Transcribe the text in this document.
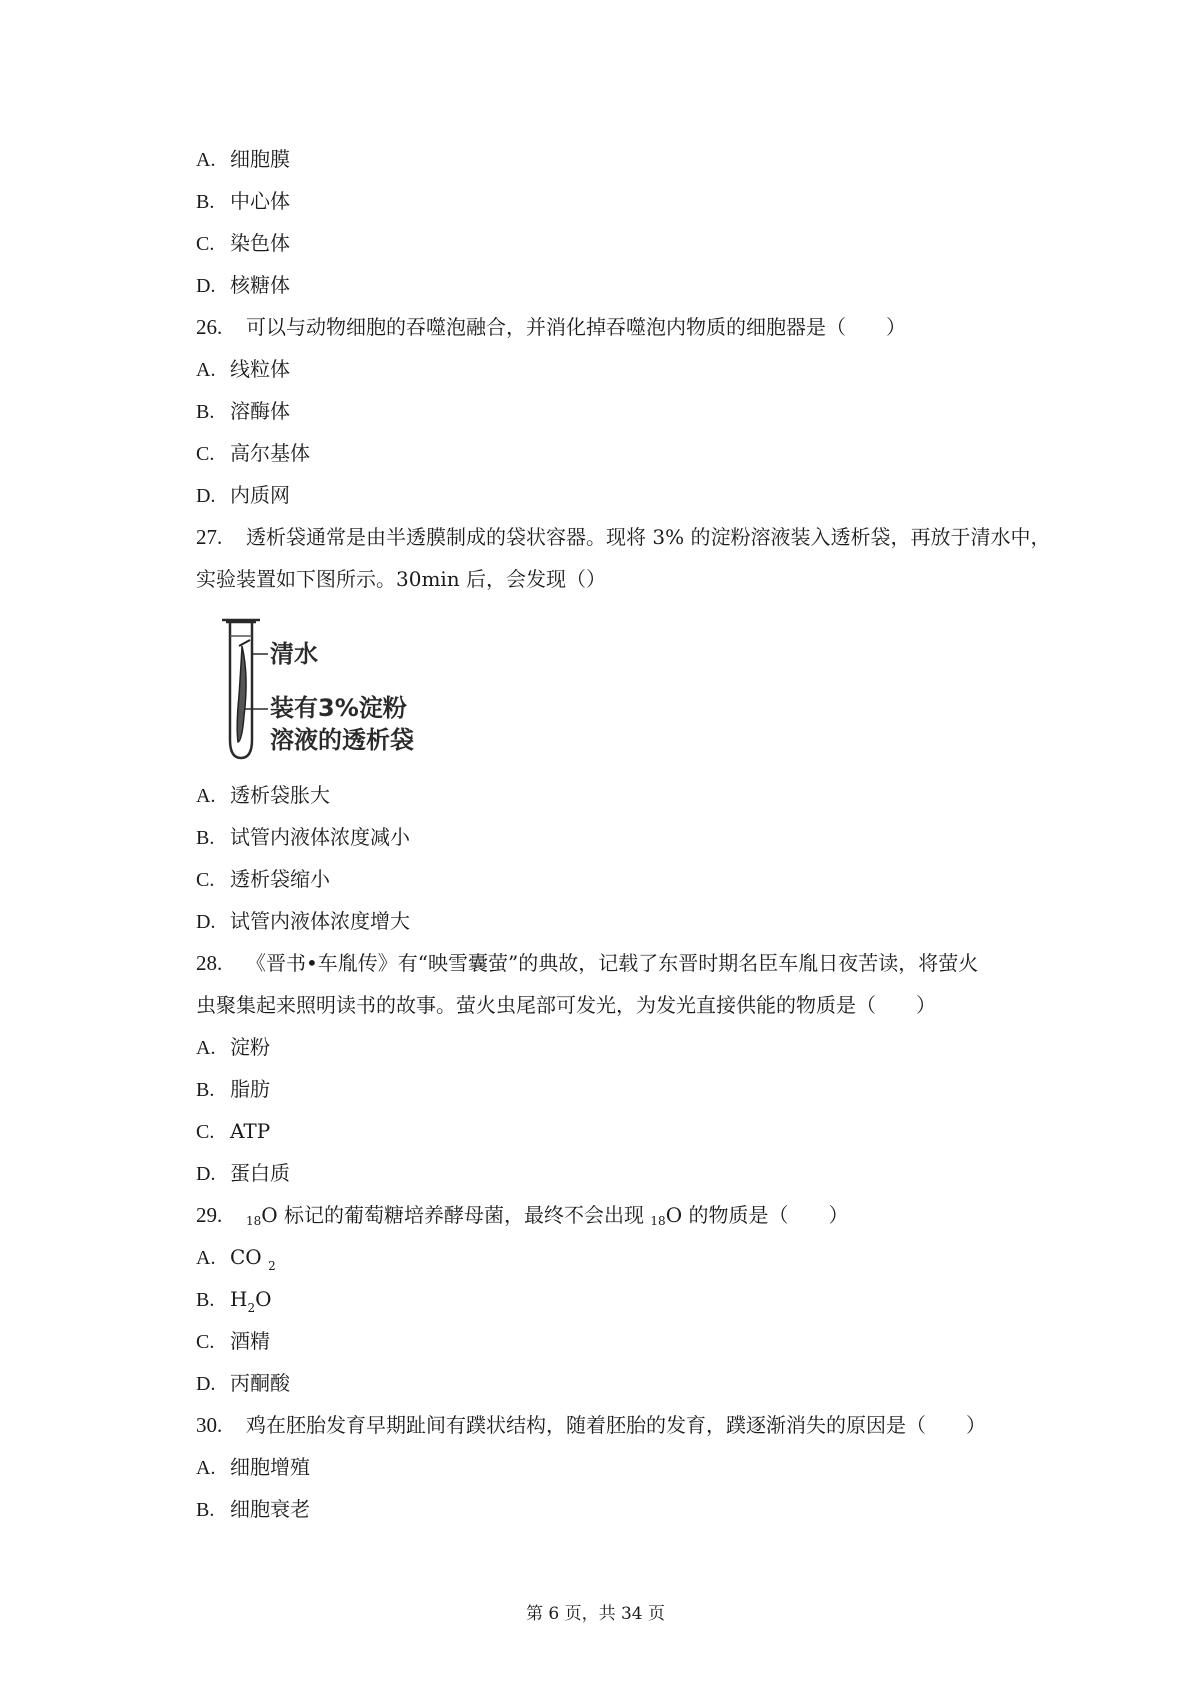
A. 细胞膜
B. 中心体
C. 染色体
D. 核糖体
26. 可以与动物细胞的吞噬泡融合，并消化掉吞噬泡内物质的细胞器是（　　）
A. 线粒体
B. 溶酶体
C. 高尔基体
D. 内质网
27. 透析袋通常是由半透膜制成的袋状容器。现将 3% 的淀粉溶液装入透析袋，再放于清水中，
实验装置如下图所示。30min 后，会发现（）
清水
装有3%淀粉
溶液的透析袋
A. 透析袋胀大
B. 试管内液体浓度减小
C. 透析袋缩小
D. 试管内液体浓度增大
28. 《晋书•车胤传》有“映雪囊萤”的典故，记载了东晋时期名臣车胤日夜苦读，将萤火
虫聚集起来照明读书的故事。萤火虫尾部可发光，为发光直接供能的物质是（　　）
A. 淀粉
B. 脂肪
C. ATP
D. 蛋白质
29. 18O 标记的葡萄糖培养酵母菌，最终不会出现 18O 的物质是（　　）
A. CO $_2$
B. $H_2O$
C. 酒精
D. 丙酮酸
30. 鸡在胚胎发育早期趾间有蹼状结构，随着胚胎的发育，蹼逐渐消失的原因是（　　）
A. 细胞增殖
B. 细胞衰老
第 6 页，共 34 页
